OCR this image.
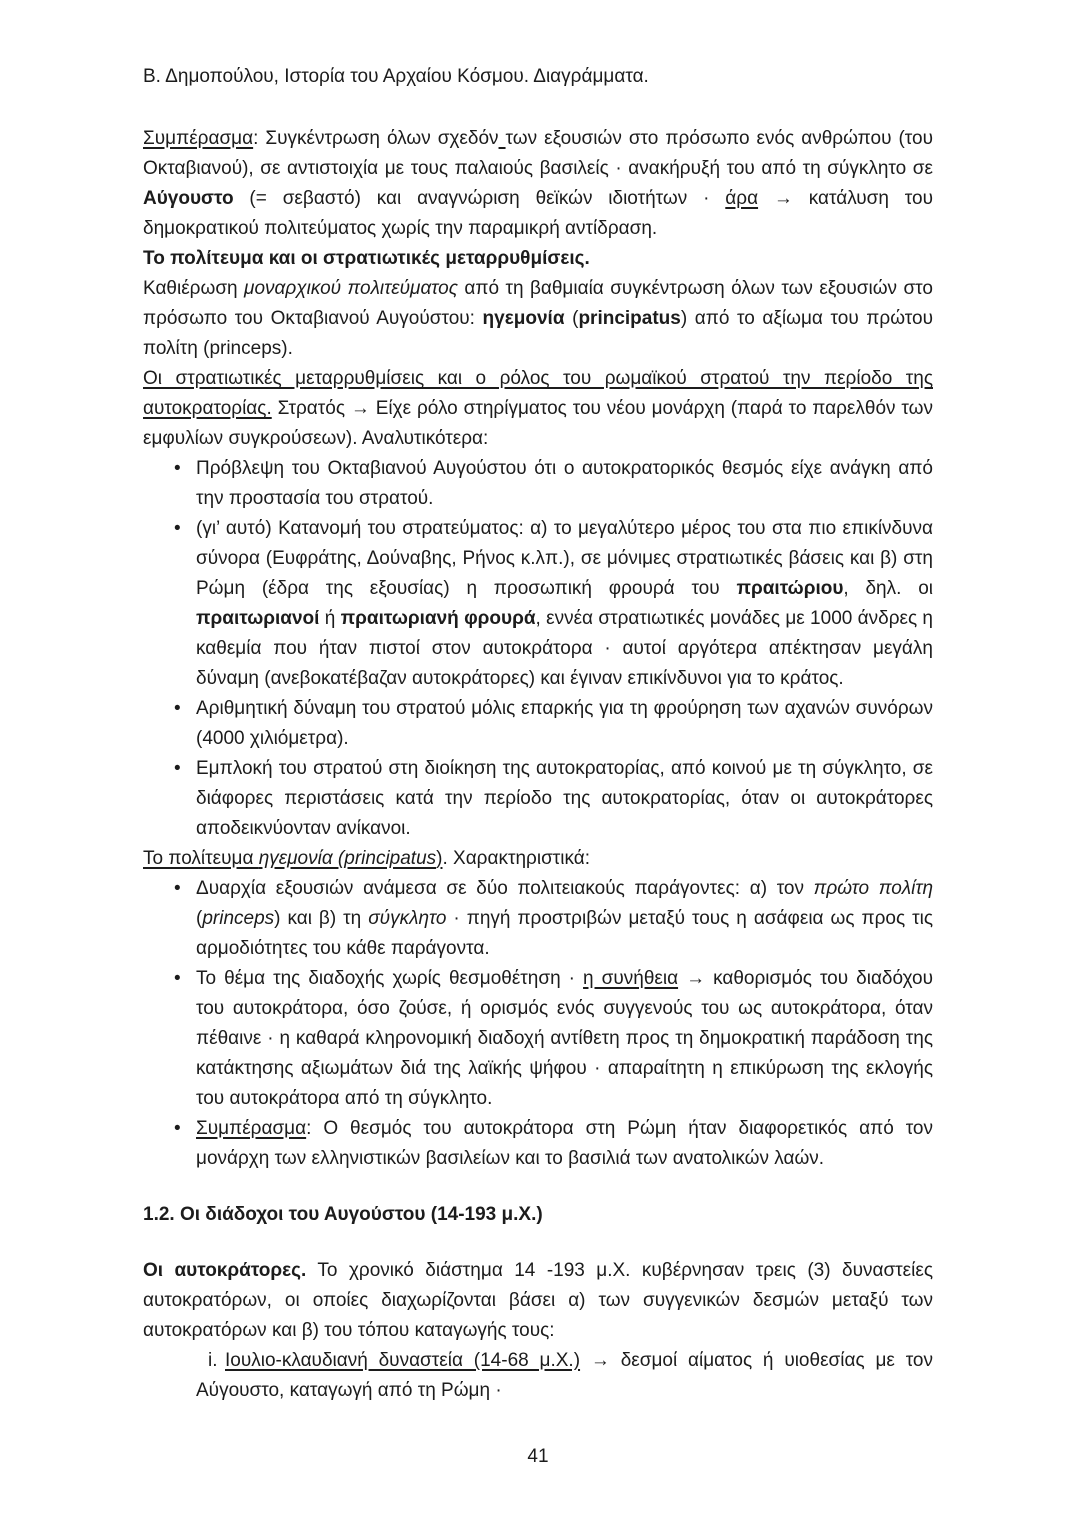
Β. Δημοπούλου, Ιστορία του Αρχαίου Κόσμου. Διαγράμματα.
Συμπέρασμα: Συγκέντρωση όλων σχεδόν των εξουσιών στο πρόσωπο ενός ανθρώπου (του Οκταβιανού), σε αντιστοιχία με τους παλαιούς βασιλείς · ανακήρυξή του από τη σύγκλητο σε Αύγουστο (= σεβαστό) και αναγνώριση θεϊκών ιδιοτήτων · άρα → κατάλυση του δημοκρατικού πολιτεύματος χωρίς την παραμικρή αντίδραση.
Το πολίτευμα και οι στρατιωτικές μεταρρυθμίσεις.
Καθιέρωση μοναρχικού πολιτεύματος από τη βαθμιαία συγκέντρωση όλων των εξουσιών στο πρόσωπο του Οκταβιανού Αυγούστου: ηγεμονία (principatus) από το αξίωμα του πρώτου πολίτη (princeps).
Οι στρατιωτικές μεταρρυθμίσεις και ο ρόλος του ρωμαϊκού στρατού την περίοδο της αυτοκρατορίας. Στρατός → Είχε ρόλο στηρίγματος του νέου μονάρχη (παρά το παρελθόν των εμφυλίων συγκρούσεων). Αναλυτικότερα:
• Πρόβλεψη του Οκταβιανού Αυγούστου ότι ο αυτοκρατορικός θεσμός είχε ανάγκη από την προστασία του στρατού.
• (γι’ αυτό) Κατανομή του στρατεύματος: α) το μεγαλύτερο μέρος του στα πιο επικίνδυνα σύνορα (Ευφράτης, Δούναβης, Ρήνος κ.λπ.), σε μόνιμες στρατιωτικές βάσεις και β) στη Ρώμη (έδρα της εξουσίας) η προσωπική φρουρά του πραιτώριου, δηλ. οι πραιτωριανοί ή πραιτωριανή φρουρά, εννέα στρατιωτικές μονάδες με 1000 άνδρες η καθεμία που ήταν πιστοί στον αυτοκράτορα · αυτοί αργότερα απέκτησαν μεγάλη δύναμη (ανεβοκατέβαζαν αυτοκράτορες) και έγιναν επικίνδυνοι για το κράτος.
• Αριθμητική δύναμη του στρατού μόλις επαρκής για τη φρούρηση των αχανών συνόρων (4000 χιλιόμετρα).
• Εμπλοκή του στρατού στη διοίκηση της αυτοκρατορίας, από κοινού με τη σύγκλητο, σε διάφορες περιστάσεις κατά την περίοδο της αυτοκρατορίας, όταν οι αυτοκράτορες αποδεικνύονταν ανίκανοι.
Το πολίτευμα ηγεμονία (principatus). Χαρακτηριστικά:
• Δυαρχία εξουσιών ανάμεσα σε δύο πολιτειακούς παράγοντες: α) τον πρώτο πολίτη (princeps) και β) τη σύγκλητο · πηγή προστριβών μεταξύ τους η ασάφεια ως προς τις αρμοδιότητες του κάθε παράγοντα.
• Το θέμα της διαδοχής χωρίς θεσμοθέτηση · η συνήθεια → καθορισμός του διαδόχου του αυτοκράτορα, όσο ζούσε, ή ορισμός ενός συγγενούς του ως αυτοκράτορα, όταν πέθαινε · η καθαρά κληρονομική διαδοχή αντίθετη προς τη δημοκρατική παράδοση της κατάκτησης αξιωμάτων διά της λαϊκής ψήφου · απαραίτητη η επικύρωση της εκλογής του αυτοκράτορα από τη σύγκλητο.
• Συμπέρασμα: Ο θεσμός του αυτοκράτορα στη Ρώμη ήταν διαφορετικός από τον μονάρχη των ελληνιστικών βασιλείων και το βασιλιά των ανατολικών λαών.
1.2. Οι διάδοχοι του Αυγούστου (14-193 μ.Χ.)
Οι αυτοκράτορες. Το χρονικό διάστημα 14 -193 μ.Χ. κυβέρνησαν τρεις (3) δυναστείες αυτοκρατόρων, οι οποίες διαχωρίζονται βάσει α) των συγγενικών δεσμών μεταξύ των αυτοκρατόρων και β) του τόπου καταγωγής τους:
i. Ιουλιο-κλαυδιανή δυναστεία (14-68 μ.Χ.) → δεσμοί αίματος ή υιοθεσίας με τον Αύγουστο, καταγωγή από τη Ρώμη ·
41
